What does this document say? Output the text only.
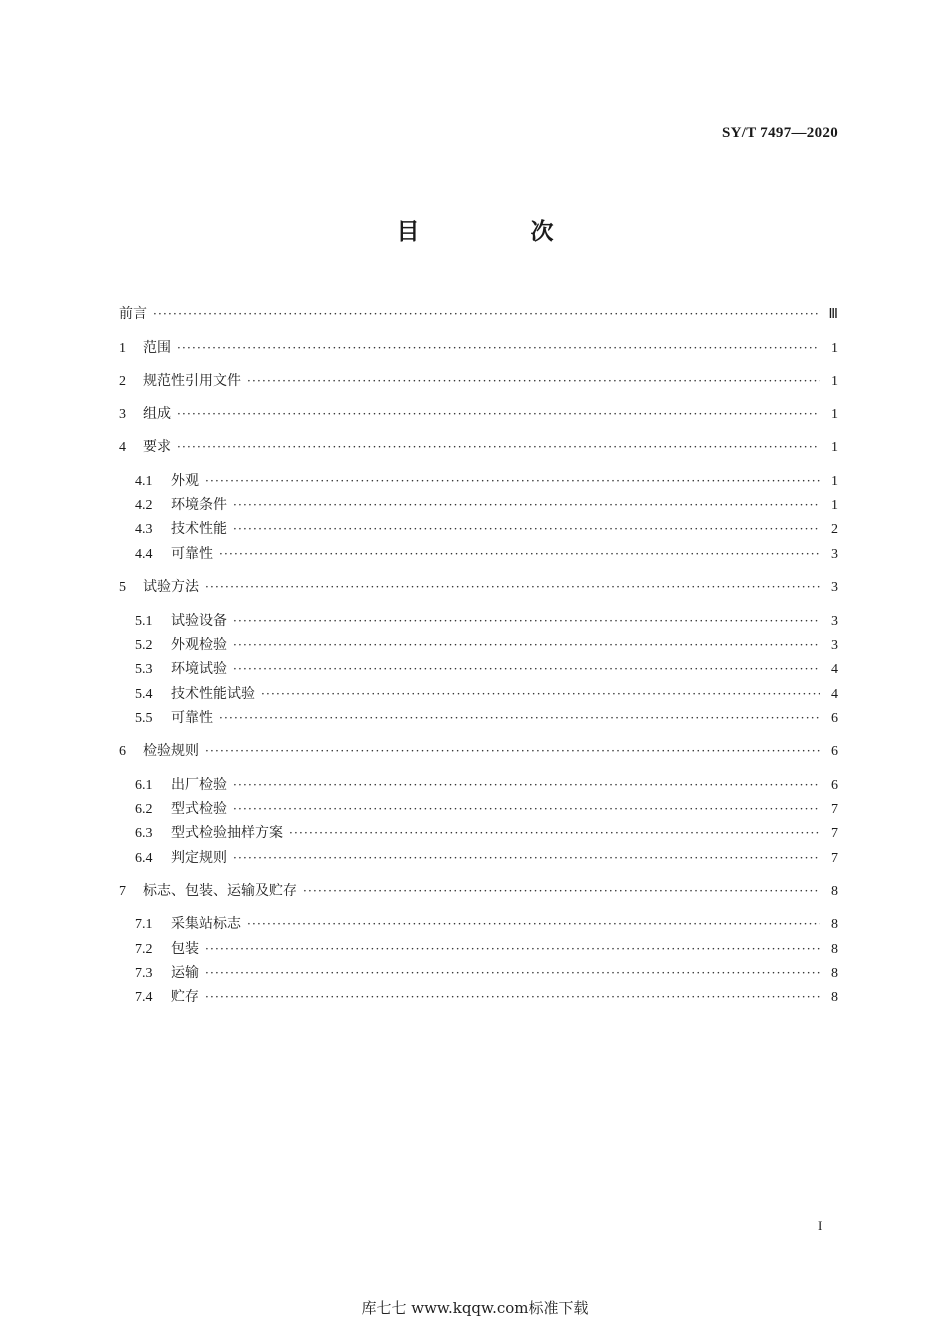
SY/T 7497—2020
目　次
前言 ·····	Ⅲ
1	范围 ·····	1
2	规范性引用文件 ·····	1
3	组成 ·····	1
4	要求 ·····	1
4.1	外观 ·····	1
4.2	环境条件 ·····	1
4.3	技术性能 ·····	2
4.4	可靠性 ·····	3
5	试验方法 ·····	3
5.1	试验设备 ·····	3
5.2	外观检验 ·····	3
5.3	环境试验 ·····	4
5.4	技术性能试验 ·····	4
5.5	可靠性 ·····	6
6	检验规则 ·····	6
6.1	出厂检验 ·····	6
6.2	型式检验 ·····	7
6.3	型式检验抽样方案 ·····	7
6.4	判定规则 ·····	7
7	标志、包装、运输及贮存 ·····	8
7.1	采集站标志 ·····	8
7.2	包装 ·····	8
7.3	运输 ·····	8
7.4	贮存 ·····	8
I
库七七 www.kqqw.com标准下载
